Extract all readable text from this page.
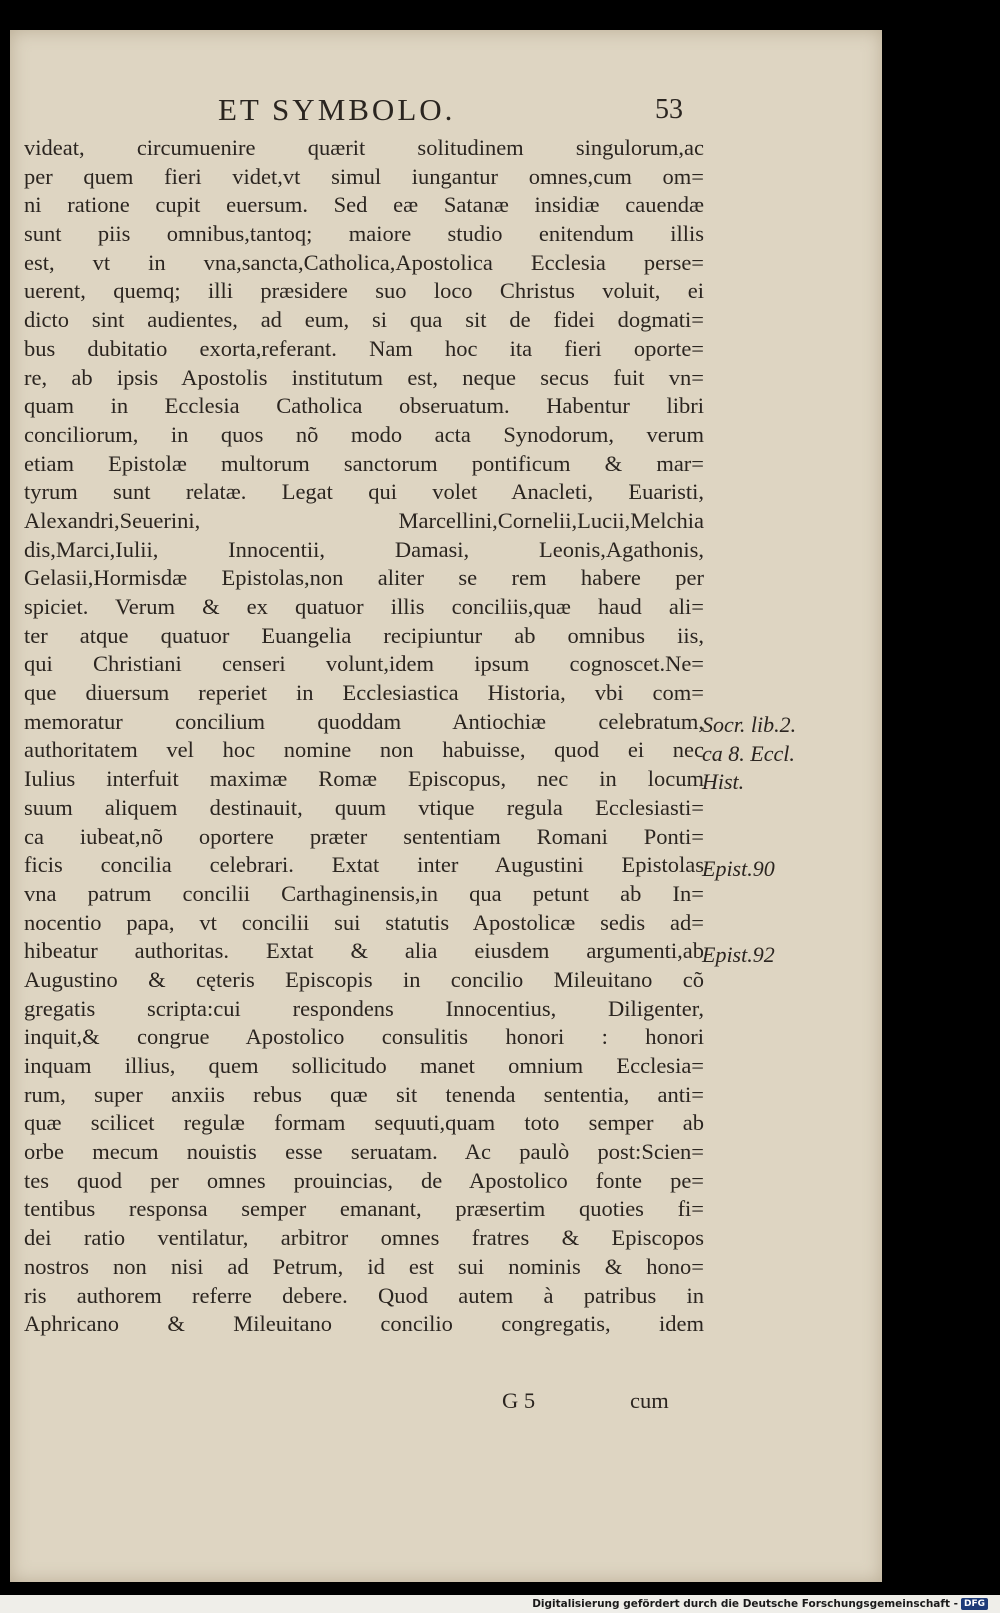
ET SYMBOLO.	53
videat, circumuenire quærit solitudinem singulorum,ac
per quem fieri videt,vt simul iungantur omnes,cum om=
ni ratione cupit euersum. Sed eæ Satanæ insidiæ cauendæ
sunt piis omnibus,tantoq; maiore studio enitendum illis
est, vt in vna,sancta,Catholica,Apostolica Ecclesia perse=
uerent, quemq; illi præsidere suo loco Christus voluit, ei
dicto sint audientes, ad eum, si qua sit de fidei dogmati=
bus dubitatio exorta,referant. Nam hoc ita fieri oporte=
re, ab ipsis Apostolis institutum est, neque secus fuit vn=
quam in Ecclesia Catholica obseruatum. Habentur libri
conciliorum, in quos nõ modo acta Synodorum, verum
etiam Epistolæ multorum sanctorum pontificum & mar=
tyrum sunt relatæ. Legat qui volet Anacleti, Euaristi,
Alexandri,Seuerini, Marcellini,Cornelii,Lucii,Melchia
dis,Marci,Iulii, Innocentii, Damasi, Leonis,Agathonis,
Gelasii,Hormisdæ Epistolas,non aliter se rem habere per
spiciet. Verum & ex quatuor illis conciliis,quæ haud ali=
ter atque quatuor Euangelia recipiuntur ab omnibus iis,
qui Christiani censeri volunt,idem ipsum cognoscet.Ne=
que diuersum reperiet in Ecclesiastica Historia, vbi com=
memoratur concilium quoddam Antiochiæ celebratum,
authoritatem vel hoc nomine non habuisse, quod ei nec
Iulius interfuit maximæ Romæ Episcopus, nec in locum
suum aliquem destinauit, quum vtique regula Ecclesiasti=
ca iubeat,nõ oportere præter sententiam Romani Ponti=
ficis concilia celebrari. Extat inter Augustini Epistolas
vna patrum concilii Carthaginensis,in qua petunt ab In=
nocentio papa, vt concilii sui statutis Apostolicæ sedis ad=
hibeatur authoritas. Extat & alia eiusdem argumenti,ab
Augustino & cęteris Episcopis in concilio Mileuitano cõ
gregatis scripta:cui respondens Innocentius, Diligenter,
inquit,& congrue Apostolico consulitis honori : honori
inquam illius, quem sollicitudo manet omnium Ecclesia=
rum, super anxiis rebus quæ sit tenenda sententia, anti=
quæ scilicet regulæ formam sequuti,quam toto semper ab
orbe mecum nouistis esse seruatam. Ac paulò post:Scien=
tes quod per omnes prouincias, de Apostolico fonte pe=
tentibus responsa semper emanant, præsertim quoties fi=
dei ratio ventilatur, arbitror omnes fratres & Episcopos
nostros non nisi ad Petrum, id est sui nominis & hono=
ris authorem referre debere. Quod autem à patribus in
Aphricano & Mileuitano concilio congregatis, idem
Socr. lib.2.
ca 8. Eccl.
Hist.
Epist.90
Epist.92
G 5	cum
Digitalisierung gefördert durch die Deutsche Forschungsgemeinschaft - DFG
